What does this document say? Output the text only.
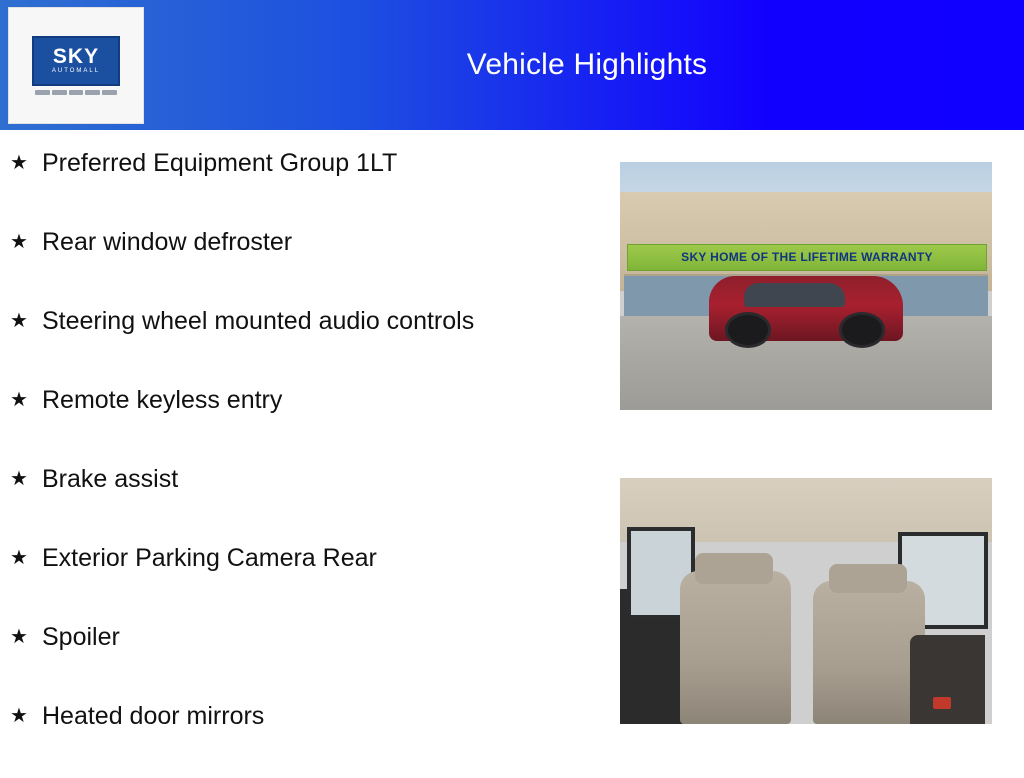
SKY
AUTOMALL	Vehicle Highlights
★ Preferred Equipment Group 1LT
★ Rear window defroster
★ Steering wheel mounted audio controls
★ Remote keyless entry
★ Brake assist
★ Exterior Parking Camera Rear
★ Spoiler
★ Heated door mirrors
SKY HOME OF THE LIFETIME WARRANTY
